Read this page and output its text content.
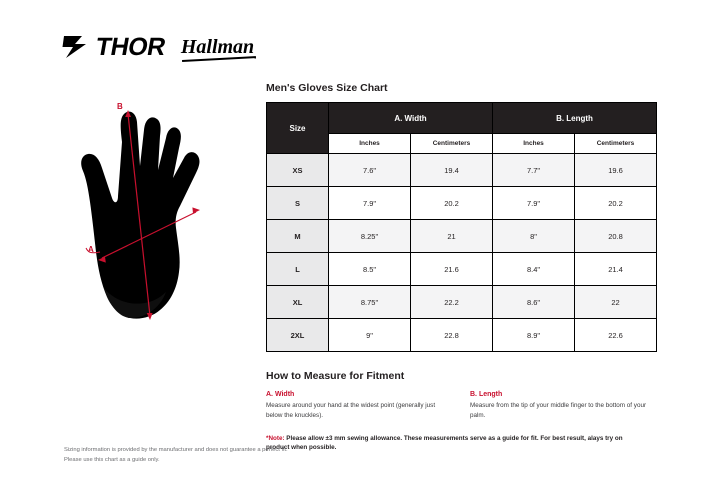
THOR Hallman
B
A
Men's Gloves Size Chart
Size	A. Width		B. Length	
	Inches	Centimeters	Inches	Centimeters
XS	7.6"	19.4	7.7"	19.6
S	7.9"	20.2	7.9"	20.2
M	8.25"	21	8"	20.8
L	8.5"	21.6	8.4"	21.4
XL	8.75"	22.2	8.6"	22
2XL	9"	22.8	8.9"	22.6
How to Measure for Fitment
A. Width
Measure around your hand at the widest point (generally just below the knuckles).
B. Length
Measure from the tip of your middle finger to the bottom of your palm.
*Note: Please allow ±3 mm sewing allowance. These measurements serve as a guide for fit. For best result, alays try on product when possible.
Sizing information is provided by the manufacturer and does not guarantee a perfect fit.
Please use this chart as a guide only.
